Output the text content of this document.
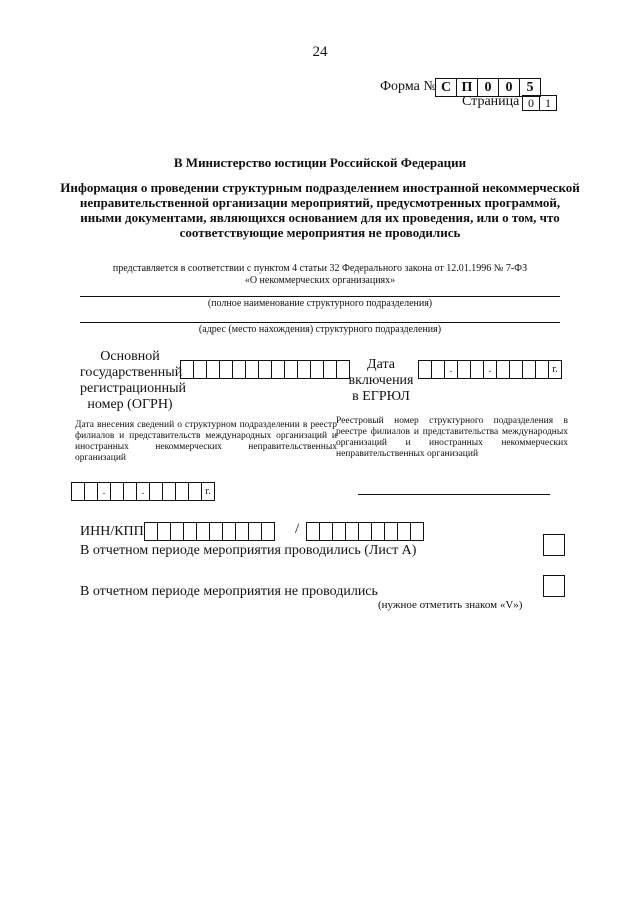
24
Форма № С П 0	0	5
Страница 0 1
В Министерство юстиции Российской Федерации
Информация о проведении структурным подразделением иностранной некоммерческой неправительственной организации мероприятий, предусмотренных программой, иными документами, являющихся основанием для их проведения, или о том, что соответствующие мероприятия не проводились
представляется в соответствии с пунктом 4 статьи 32 Федерального закона от 12.01.1996 № 7-ФЗ
«О некоммерческих организациях»
(полное наименование структурного подразделения)
(адрес (место нахождения) структурного подразделения)
Основной государственный регистрационный номер (ОГРН)
Дата включения в ЕГРЮЛ
.	.	г.
Дата внесения сведений о структурном подразделении в реестр филиалов и представительств международных организаций и иностранных некоммерческих неправительственных организаций
Реестровый номер структурного подразделения в реестре филиалов и представительства международных организаций и иностранных некоммерческих неправительственных организаций
.	.	г.
ИНН/КПП	/
В отчетном периоде мероприятия проводились (Лист А)
В отчетном периоде мероприятия не проводились
(нужное отметить знаком «V»)
